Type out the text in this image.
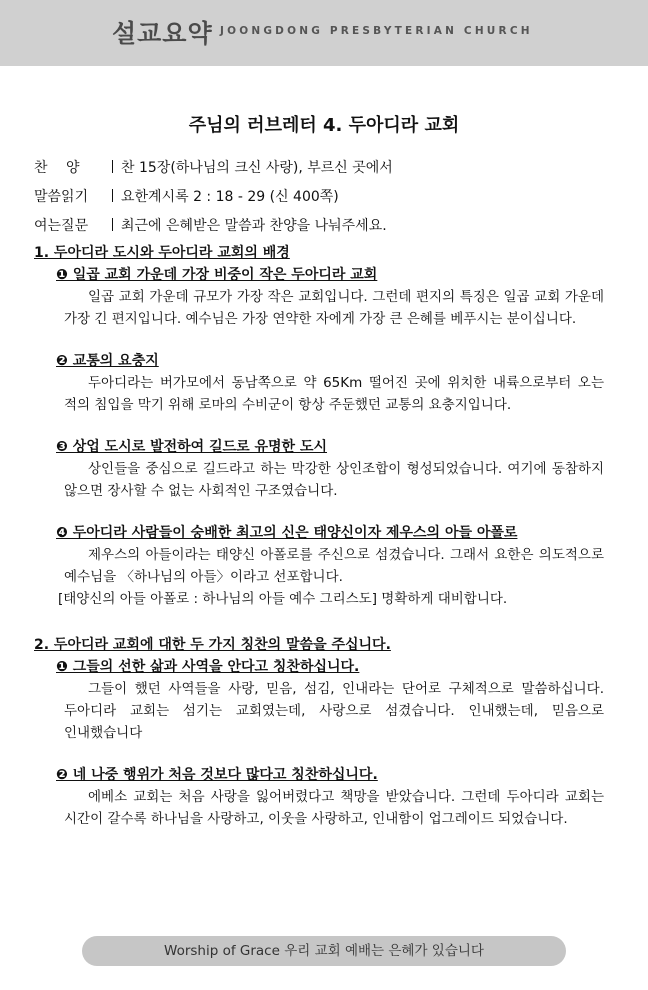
설교요약 JOONGDONG PRESBYTERIAN CHURCH
주님의 러브레터 4. 두아디라 교회
찬　 양	찬 15장(하나님의 크신 사랑), 부르신 곳에서
말씀읽기	요한계시록 2 : 18 - 29 (신 400쪽)
여는질문	최근에 은혜받은 말씀과 찬양을 나눠주세요.
1. 두아디라 도시와 두아디라 교회의 배경
❶ 일곱 교회 가운데 가장 비중이 작은 두아디라 교회
일곱 교회 가운데 규모가 가장 작은 교회입니다. 그런데 편지의 특징은 일곱 교회 가운데 가장 긴 편지입니다. 예수님은 가장 연약한 자에게 가장 큰 은혜를 베푸시는 분이십니다.
❷ 교통의 요충지
두아디라는 버가모에서 동남쪽으로 약 65Km 떨어진 곳에 위치한 내륙으로부터 오는 적의 침입을 막기 위해 로마의 수비군이 항상 주둔했던 교통의 요충지입니다.
❸ 상업 도시로 발전하여 길드로 유명한 도시
상인들을 중심으로 길드라고 하는 막강한 상인조합이 형성되었습니다. 여기에 동참하지 않으면 장사할 수 없는 사회적인 구조였습니다.
❹ 두아디라 사람들이 숭배한 최고의 신은 태양신이자 제우스의 아들 아폴로
제우스의 아들이라는 태양신 아폴로를 주신으로 섬겼습니다. 그래서 요한은 의도적으로 예수님을 〈하나님의 아들〉이라고 선포합니다.
[태양신의 아들 아폴로 : 하나님의 아들 예수 그리스도] 명확하게 대비합니다.
2. 두아디라 교회에 대한 두 가지 칭찬의 말씀을 주십니다.
❶ 그들의 선한 삶과 사역을 안다고 칭찬하십니다.
그들이 했던 사역들을 사랑, 믿음, 섬김, 인내라는 단어로 구체적으로 말씀하십니다. 두아디라 교회는 섬기는 교회였는데, 사랑으로 섬겼습니다. 인내했는데, 믿음으로 인내했습니다
❷ 네 나중 행위가 처음 것보다 많다고 칭찬하십니다.
에베소 교회는 처음 사랑을 잃어버렸다고 책망을 받았습니다. 그런데 두아디라 교회는 시간이 갈수록 하나님을 사랑하고, 이웃을 사랑하고, 인내함이 업그레이드 되었습니다.
Worship of Grace 우리 교회 예배는 은혜가 있습니다
